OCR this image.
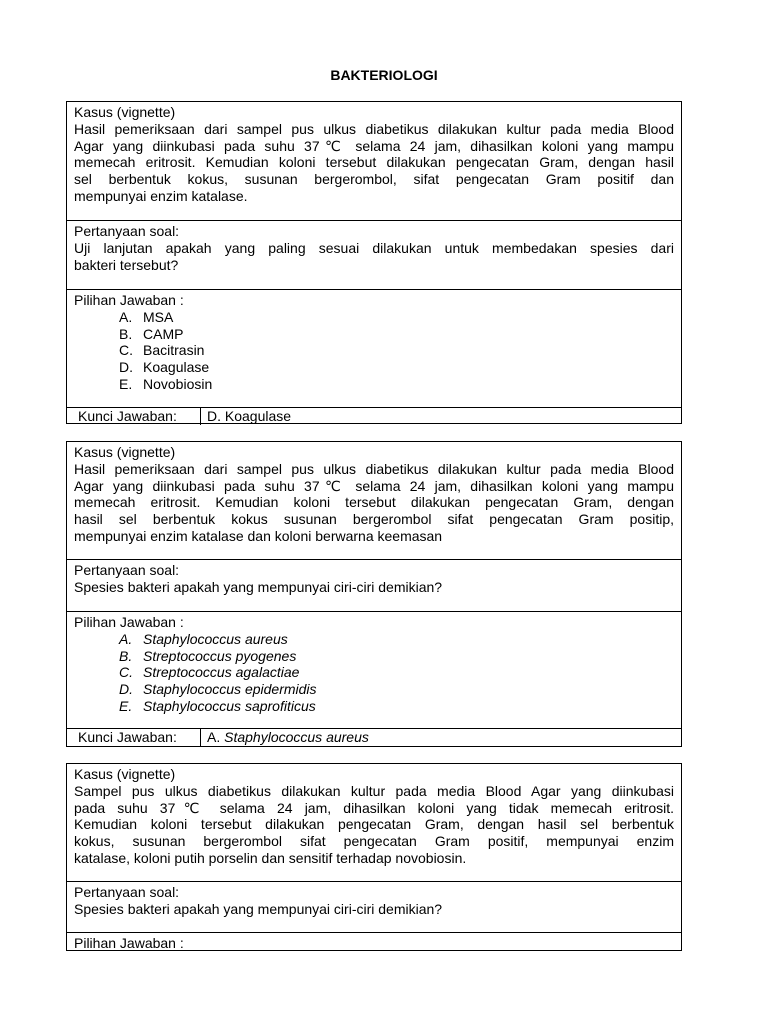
BAKTERIOLOGI
Kasus (vignette)
Hasil pemeriksaan dari sampel pus ulkus diabetikus dilakukan kultur pada media Blood
Agar yang diinkubasi pada suhu 37℃ selama 24 jam, dihasilkan koloni yang mampu
memecah eritrosit. Kemudian koloni tersebut dilakukan pengecatan Gram, dengan hasil
sel berbentuk kokus, susunan bergerombol, sifat pengecatan Gram positif dan
mempunyai enzim katalase.
Pertanyaan soal:
Uji lanjutan apakah yang paling sesuai dilakukan untuk membedakan spesies dari
bakteri tersebut?
Pilihan Jawaban :
A. MSA
B. CAMP
C. Bacitrasin
D. Koagulase
E. Novobiosin
Kunci Jawaban:	D. Koagulase
Kasus (vignette)
Hasil pemeriksaan dari sampel pus ulkus diabetikus dilakukan kultur pada media Blood
Agar yang diinkubasi pada suhu 37℃ selama 24 jam, dihasilkan koloni yang mampu
memecah eritrosit. Kemudian koloni tersebut dilakukan pengecatan Gram, dengan
hasil sel berbentuk kokus susunan bergerombol sifat pengecatan Gram positip,
mempunyai enzim katalase dan koloni berwarna keemasan
Pertanyaan soal:
Spesies bakteri apakah yang mempunyai ciri-ciri demikian?
Pilihan Jawaban :
A. Staphylococcus aureus
B. Streptococcus pyogenes
C. Streptococcus agalactiae
D. Staphylococcus epidermidis
E. Staphylococcus saprofiticus
Kunci Jawaban:	A. Staphylococcus aureus
Kasus (vignette)
Sampel pus ulkus diabetikus dilakukan kultur pada media Blood Agar yang diinkubasi
pada suhu 37℃ selama 24 jam, dihasilkan koloni yang tidak memecah eritrosit.
Kemudian koloni tersebut dilakukan pengecatan Gram, dengan hasil sel berbentuk
kokus, susunan bergerombol sifat pengecatan Gram positif, mempunyai enzim
katalase, koloni putih porselin dan sensitif terhadap novobiosin.
Pertanyaan soal:
Spesies bakteri apakah yang mempunyai ciri-ciri demikian?
Pilihan Jawaban :
